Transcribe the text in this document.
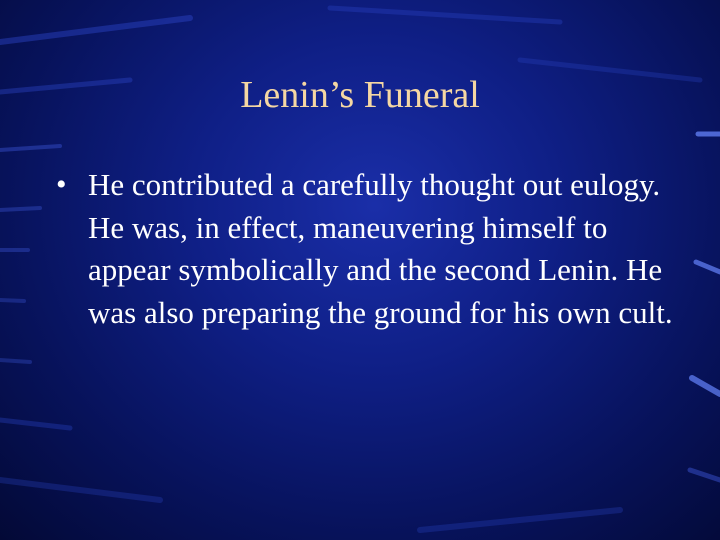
Lenin’s Funeral
• He contributed a carefully thought out eulogy. He was, in effect, maneuvering himself to appear symbolically and the second Lenin. He was also preparing the ground for his own cult.
